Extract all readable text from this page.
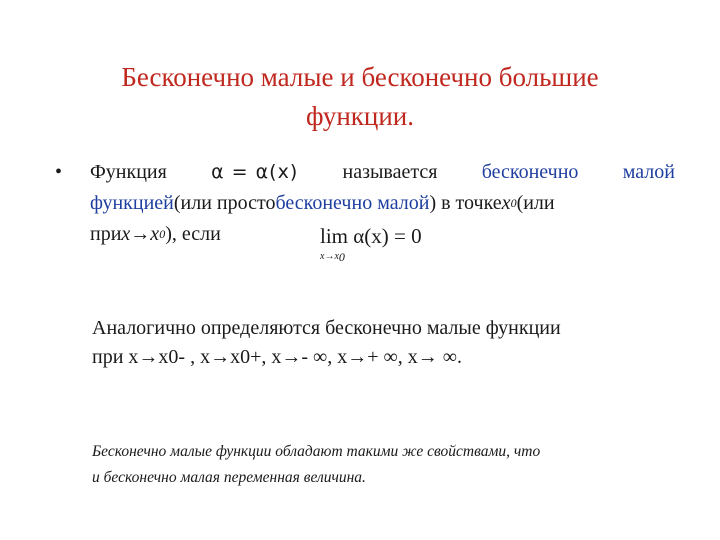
Бесконечно малые и бесконечно большие
функции.
• Функция α = α(x) называется бесконечно малой
функцией (или просто бесконечно малой ) в точке x 0 (или
при x → x 0 ), если	lim α(x) = 0
$x\to x_0$
Аналогично определяются бесконечно малые функции
при x→x0- , x→x0+, x→- ∞, x→+ ∞, x→ ∞.
Бесконечно малые функции обладают такими же свойствами, что
и бесконечно малая переменная величина.
